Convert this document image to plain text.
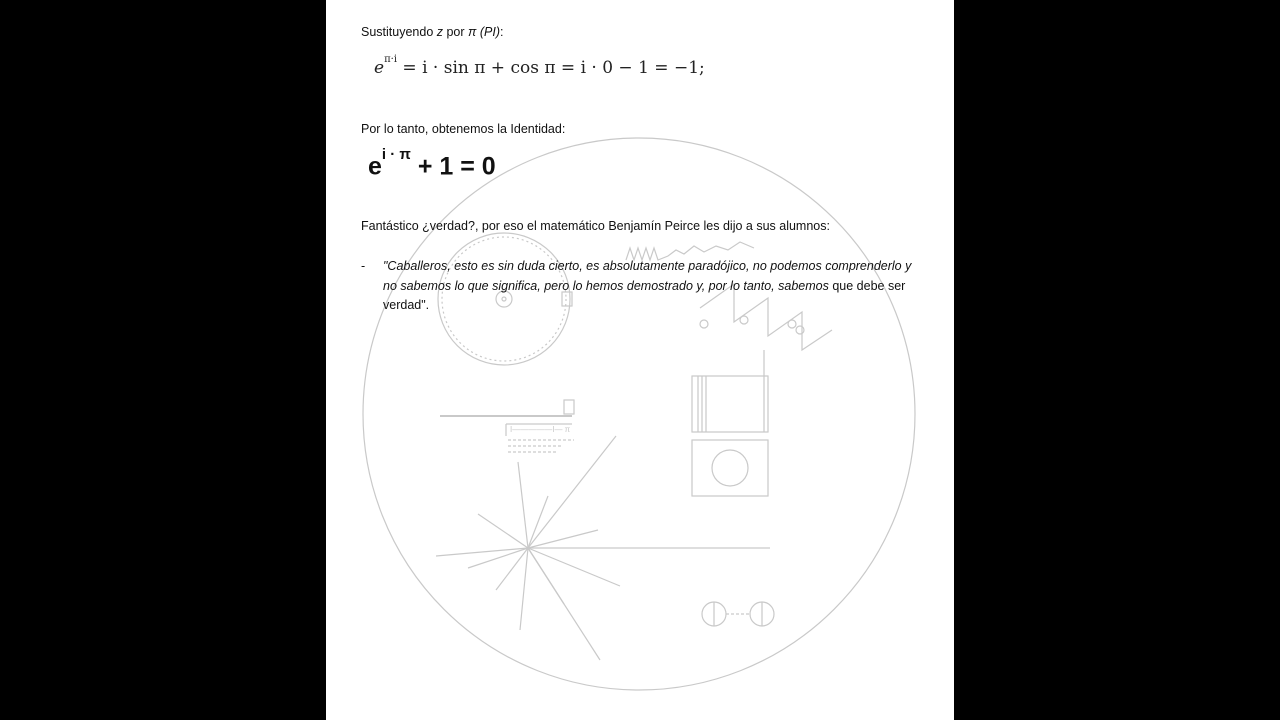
I—————I— π
Sustituyendo z por π (PI):
$e^{\pi\cdot i} = i \cdot \sin \pi + \cos \pi = i \cdot 0 - 1 = -1$;
Por lo tanto, obtenemos la Identidad:
$e^{i \cdot \pi} + 1 = 0$
Fantástico ¿verdad?, por eso el matemático Benjamín Peirce les dijo a sus alumnos:
- "Caballeros, esto es sin duda cierto, es absolutamente paradójico, no podemos comprenderlo y no sabemos lo que significa, pero lo hemos demostrado y, por lo tanto, sabemos que debe ser verdad".
